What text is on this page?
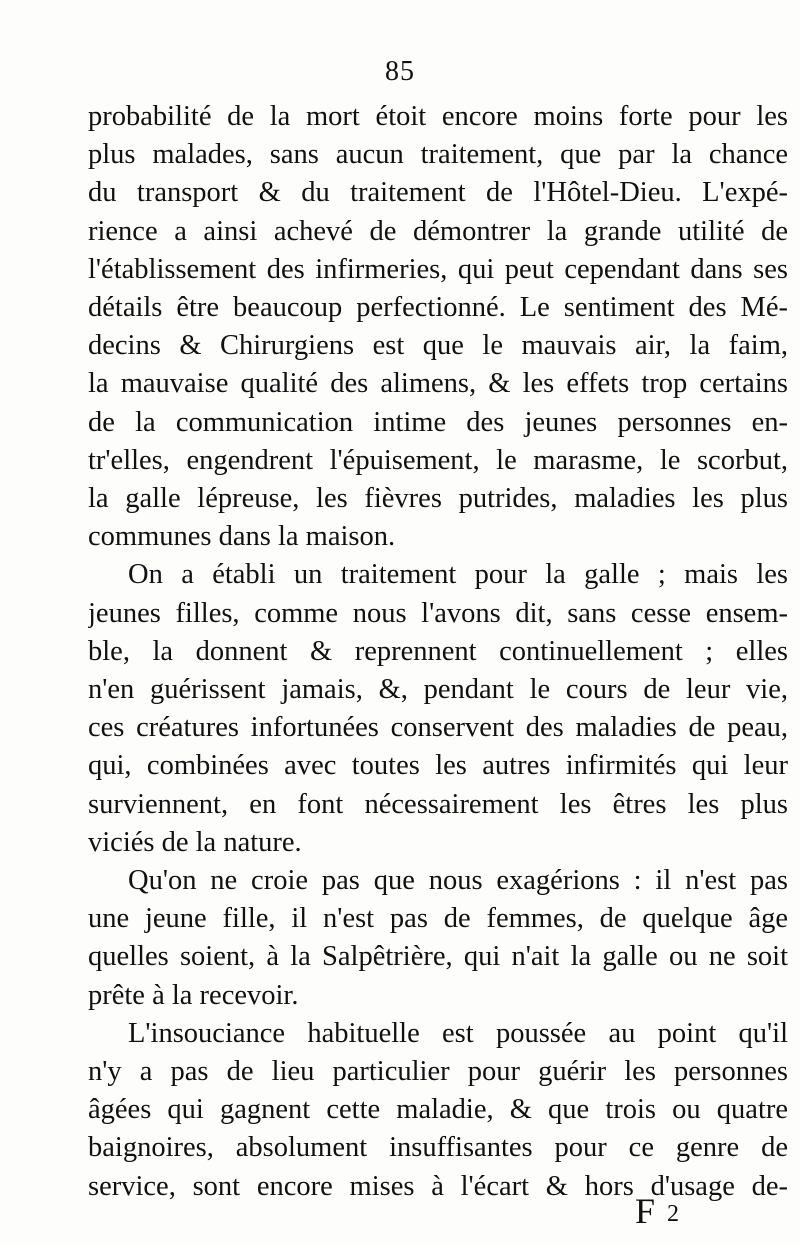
85
probabilité de la mort étoit encore moins forte pour les
plus malades, sans aucun traitement, que par la chance
du transport & du traitement de l'Hôtel-Dieu. L'expé-
rience a ainsi achevé de démontrer la grande utilité de
l'établissement des infirmeries, qui peut cependant dans ses
détails être beaucoup perfectionné. Le sentiment des Mé-
decins & Chirurgiens est que le mauvais air, la faim,
la mauvaise qualité des alimens, & les effets trop certains
de la communication intime des jeunes personnes en-
tr'elles, engendrent l'épuisement, le marasme, le scorbut,
la galle lépreuse, les fièvres putrides, maladies les plus
communes dans la maison.
On a établi un traitement pour la galle ; mais les
jeunes filles, comme nous l'avons dit, sans cesse ensem-
ble, la donnent & reprennent continuellement ; elles
n'en guérissent jamais, &, pendant le cours de leur vie,
ces créatures infortunées conservent des maladies de peau,
qui, combinées avec toutes les autres infirmités qui leur
surviennent, en font nécessairement les êtres les plus
viciés de la nature.
Qu'on ne croie pas que nous exagérions : il n'est pas
une jeune fille, il n'est pas de femmes, de quelque âge
quelles soient, à la Salpêtrière, qui n'ait la galle ou ne soit
prête à la recevoir.
L'insouciance habituelle est poussée au point qu'il
n'y a pas de lieu particulier pour guérir les personnes
âgées qui gagnent cette maladie, & que trois ou quatre
baignoires, absolument insuffisantes pour ce genre de
service, sont encore mises à l'écart & hors d'usage de-
F 2
